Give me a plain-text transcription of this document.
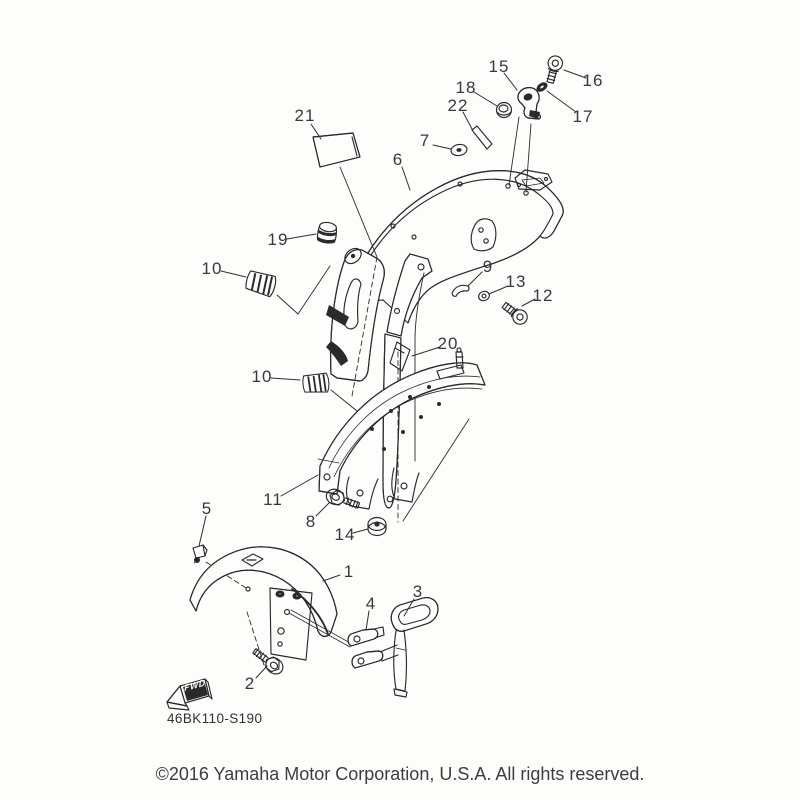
1
2
3
4
5
6
7
8
9
10
10
11
12
13
14
15
16
17
18
19
20
21
22
FWD
46BK110-S190
©2016 Yamaha Motor Corporation, U.S.A. All rights reserved.
